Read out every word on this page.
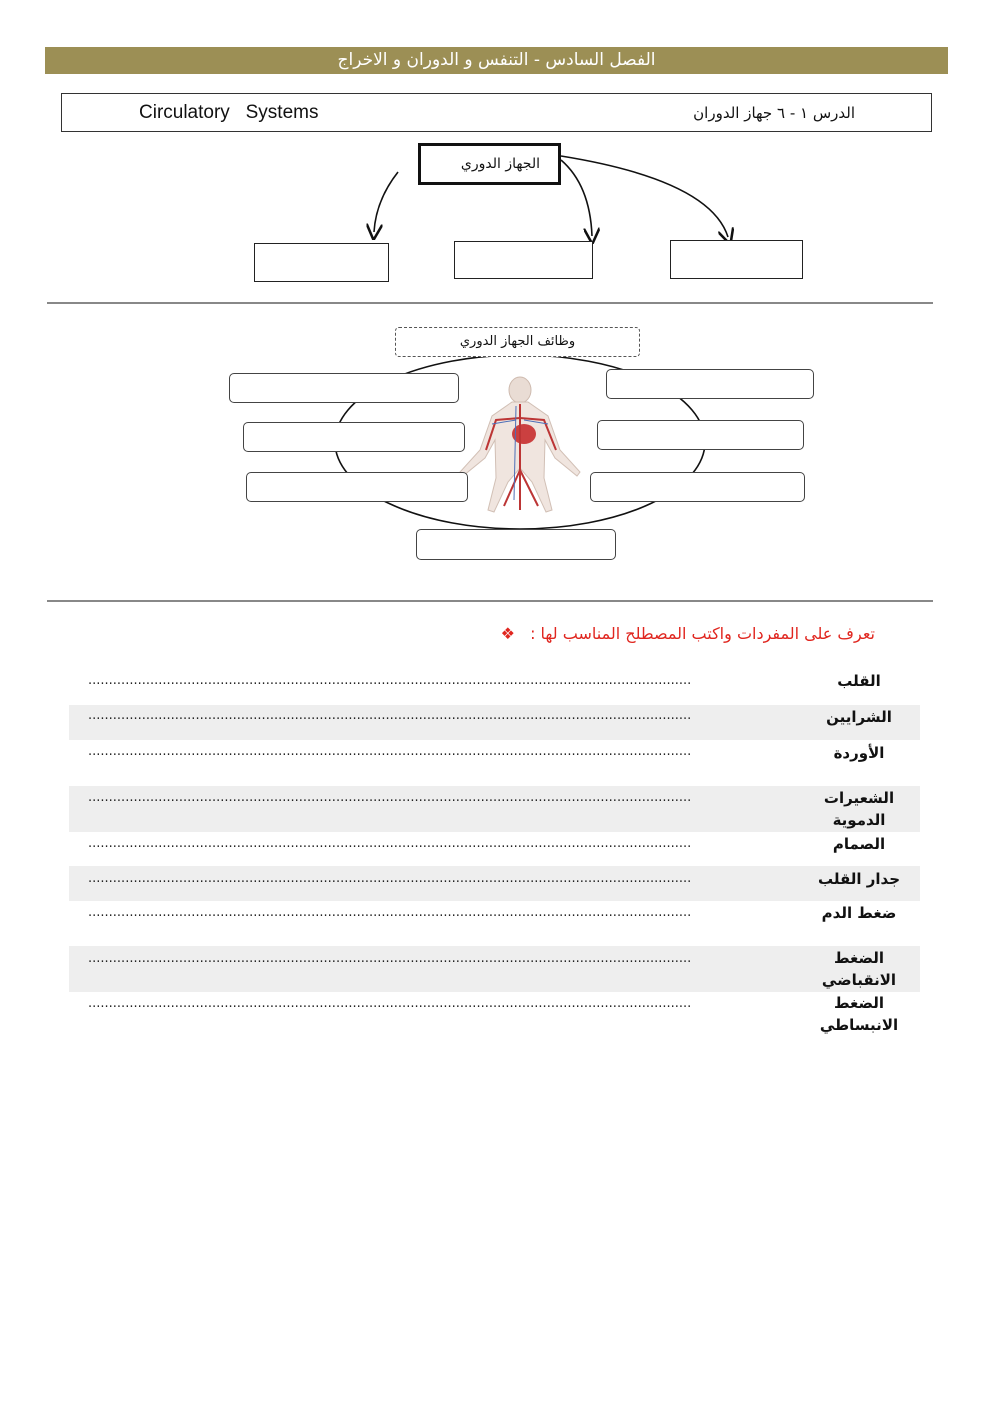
الفصل السادس - التنفس و الدوران و الاخراج
Circulatory   Systems	الدرس ١ - ٦ جهاز الدوران
الجهاز الدوري
وظائف الجهاز الدوري
تعرف على المفردات واكتب المصطلح المناسب لها : ❖
القلب
..................................................................................................................................................
الشرايين
..................................................................................................................................................
الأوردة
..................................................................................................................................................
الشعيرات الدموية
..................................................................................................................................................
الصمام
..................................................................................................................................................
جدار القلب
..................................................................................................................................................
ضغط الدم
..................................................................................................................................................
الضغط الانقباضي
..................................................................................................................................................
الضغط الانبساطي
..................................................................................................................................................
